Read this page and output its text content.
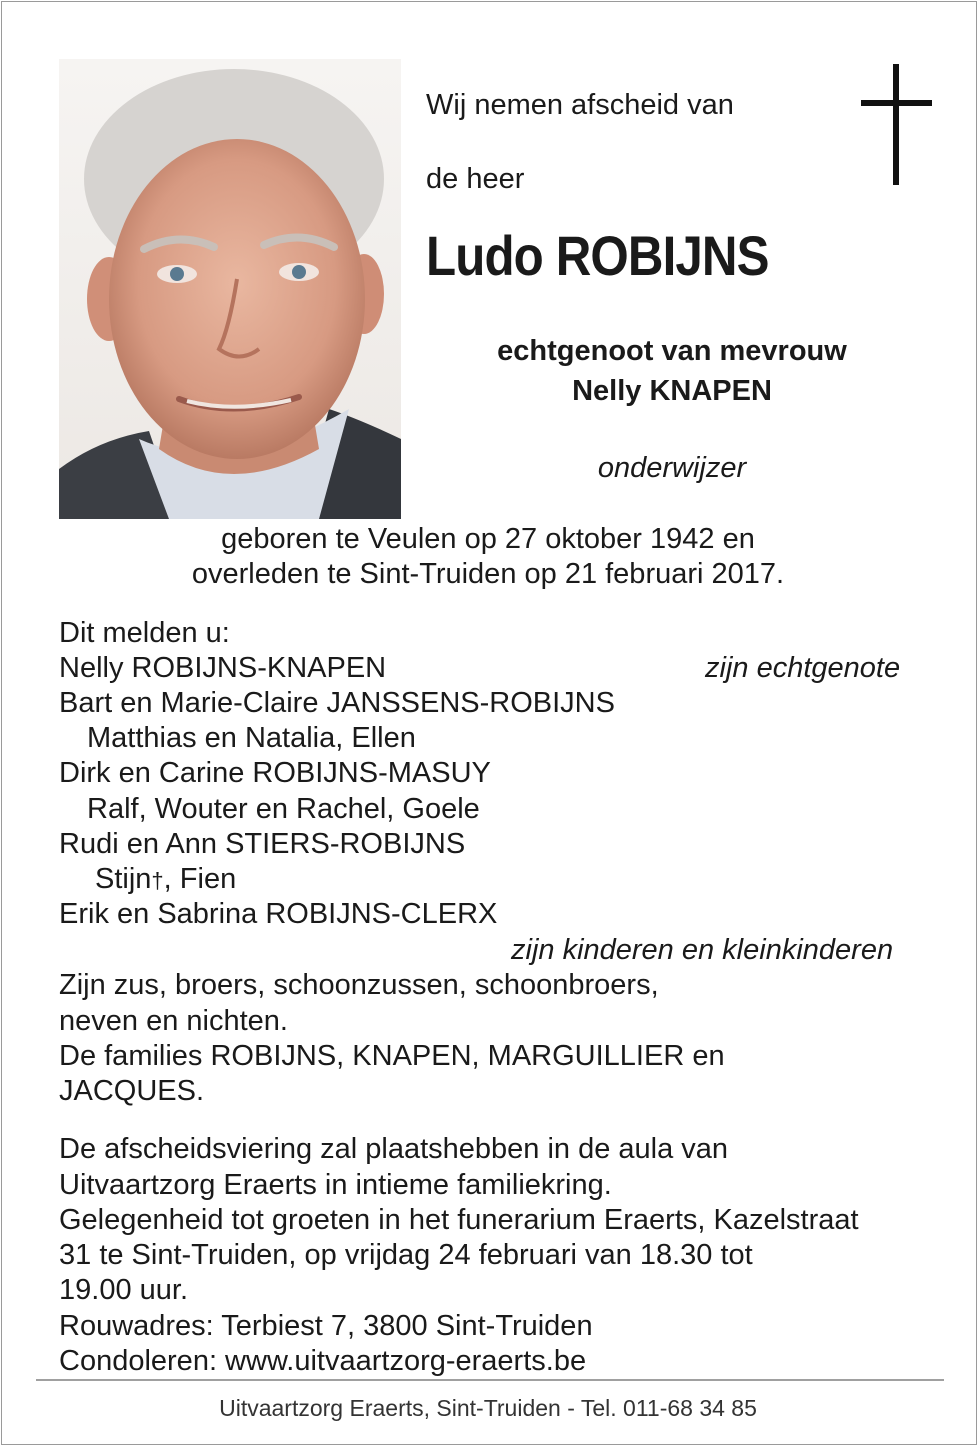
Wij nemen afscheid van
de heer
Ludo ROBIJNS
echtgenoot van mevrouw
Nelly KNAPEN
onderwijzer
geboren te Veulen op 27 oktober 1942 en
overleden te Sint-Truiden op 21 februari 2017.
Dit melden u:
Nelly ROBIJNS-KNAPEN
Bart en Marie-Claire JANSSENS-ROBIJNS
Matthias en Natalia, Ellen
Dirk en Carine ROBIJNS-MASUY
Ralf, Wouter en Rachel, Goele
Rudi en Ann STIERS-ROBIJNS
Stijn†, Fien
Erik en Sabrina ROBIJNS-CLERX
zijn echtgenote
zijn kinderen en kleinkinderen
Zijn zus, broers, schoonzussen, schoonbroers,
neven en nichten.
De families ROBIJNS, KNAPEN, MARGUILLIER en
JACQUES.
De afscheidsviering zal plaatshebben in de aula van
Uitvaartzorg Eraerts in intieme familiekring.
Gelegenheid tot groeten in het funerarium Eraerts, Kazelstraat
31 te Sint-Truiden, op vrijdag 24 februari van 18.30 tot
19.00 uur.
Rouwadres: Terbiest 7, 3800 Sint-Truiden
Condoleren: www.uitvaartzorg-eraerts.be
Uitvaartzorg Eraerts, Sint-Truiden - Tel. 011-68 34 85
